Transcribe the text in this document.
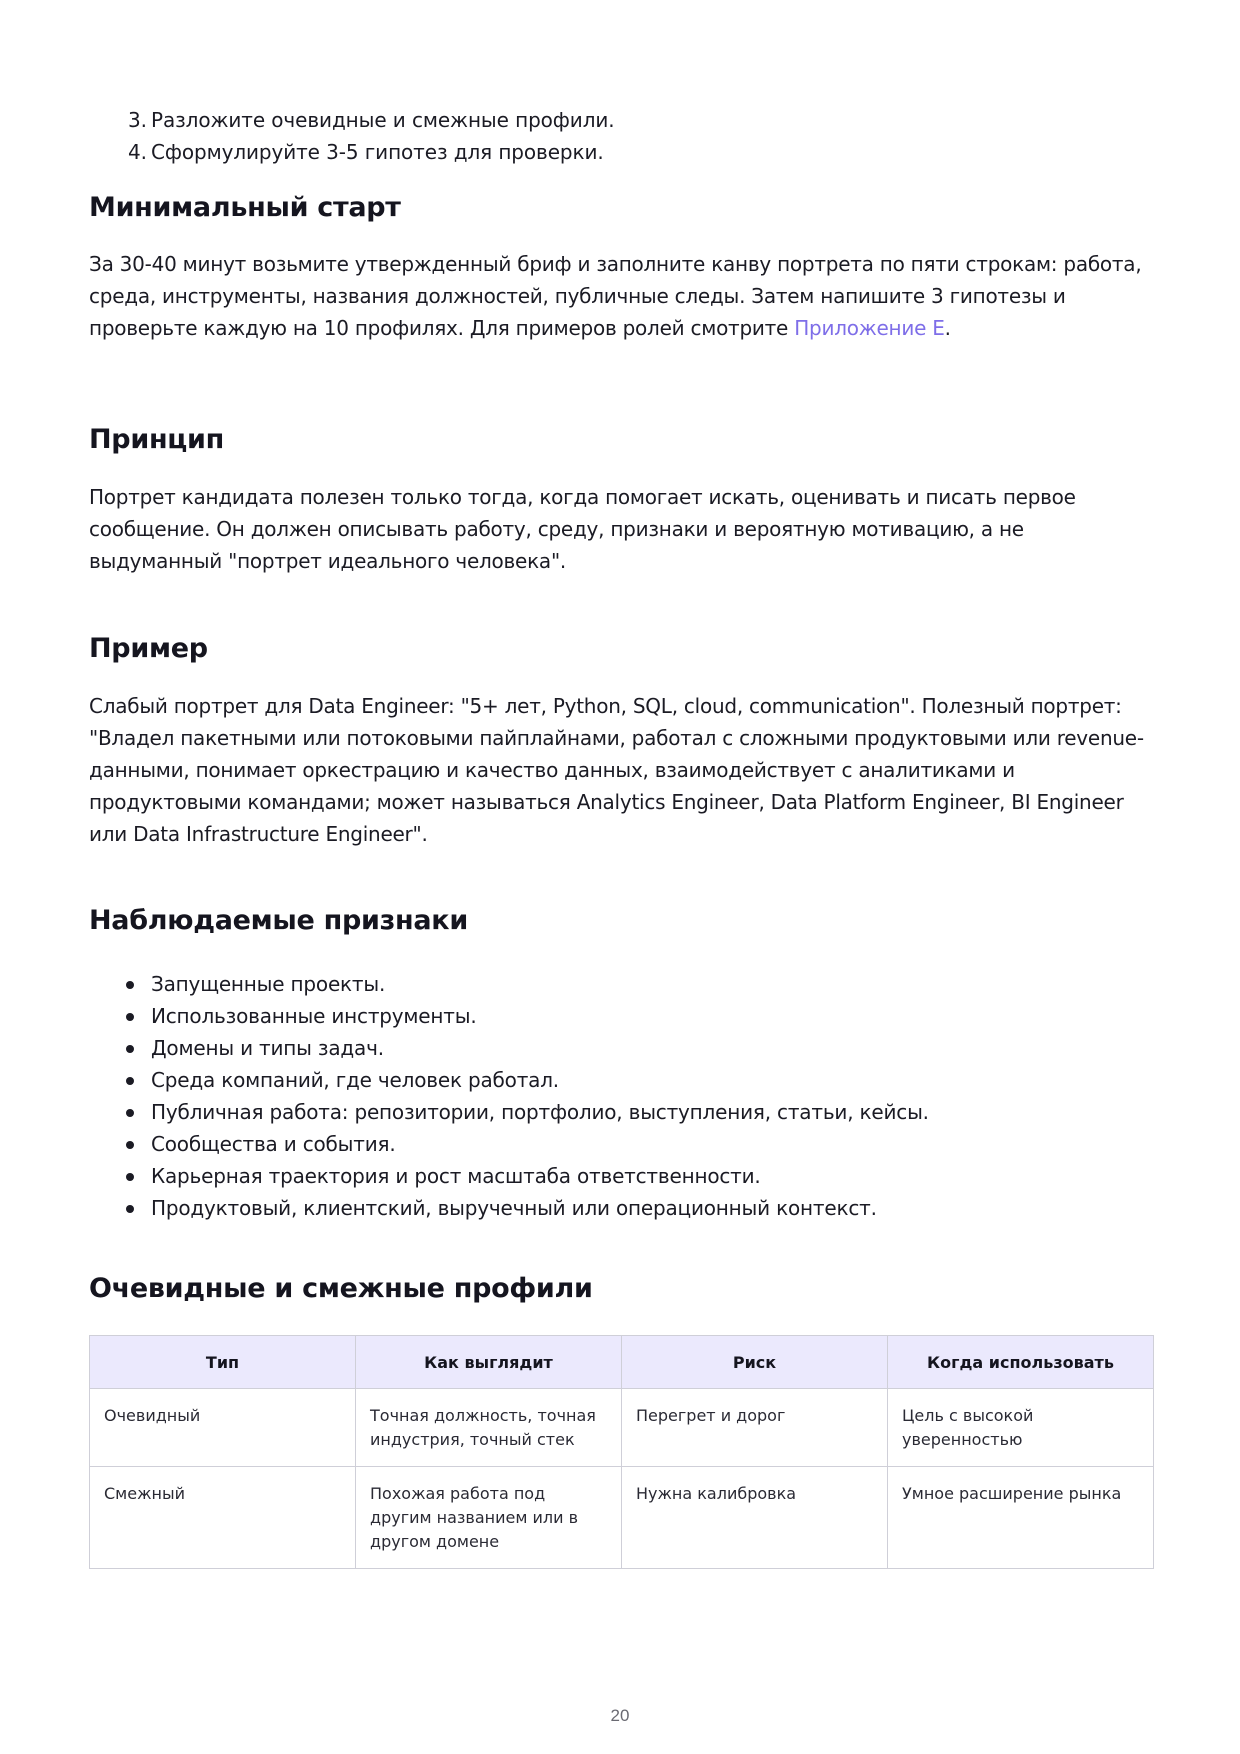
3. Разложите очевидные и смежные профили.
4. Сформулируйте 3-5 гипотез для проверки.
Минимальный старт

За 30-40 минут возьмите утвержденный бриф и заполните канву портрета по пяти строкам: работа, среда, инструменты, названия должностей, публичные следы. Затем напишите 3 гипотезы и проверьте каждую на 10 профилях. Для примеров ролей смотрите Приложение E.

Принцип

Портрет кандидата полезен только тогда, когда помогает искать, оценивать и писать первое сообщение. Он должен описывать работу, среду, признаки и вероятную мотивацию, а не выдуманный "портрет идеального человека".

Пример

Слабый портрет для Data Engineer: "5+ лет, Python, SQL, cloud, communication". Полезный портрет: "Владел пакетными или потоковыми пайплайнами, работал с сложными продуктовыми или revenue-данными, понимает оркестрацию и качество данных, взаимодействует с аналитиками и продуктовыми командами; может называться Analytics Engineer, Data Platform Engineer, BI Engineer или Data Infrastructure Engineer".

Наблюдаемые признаки
Запущенные проекты.
Использованные инструменты.
Домены и типы задач.
Среда компаний, где человек работал.
Публичная работа: репозитории, портфолио, выступления, статьи, кейсы.
Сообщества и события.
Карьерная траектория и рост масштаба ответственности.
Продуктовый, клиентский, выручечный или операционный контекст.
Очевидные и смежные профили
Тип	Как выглядит	Риск	Когда использовать
Очевидный	Точная должность, точная индустрия, точный стек	Перегрет и дорог	Цель с высокой уверенностью
Смежный	Похожая работа под другим названием или в другом домене	Нужна калибровка	Умное расширение рынка
20
